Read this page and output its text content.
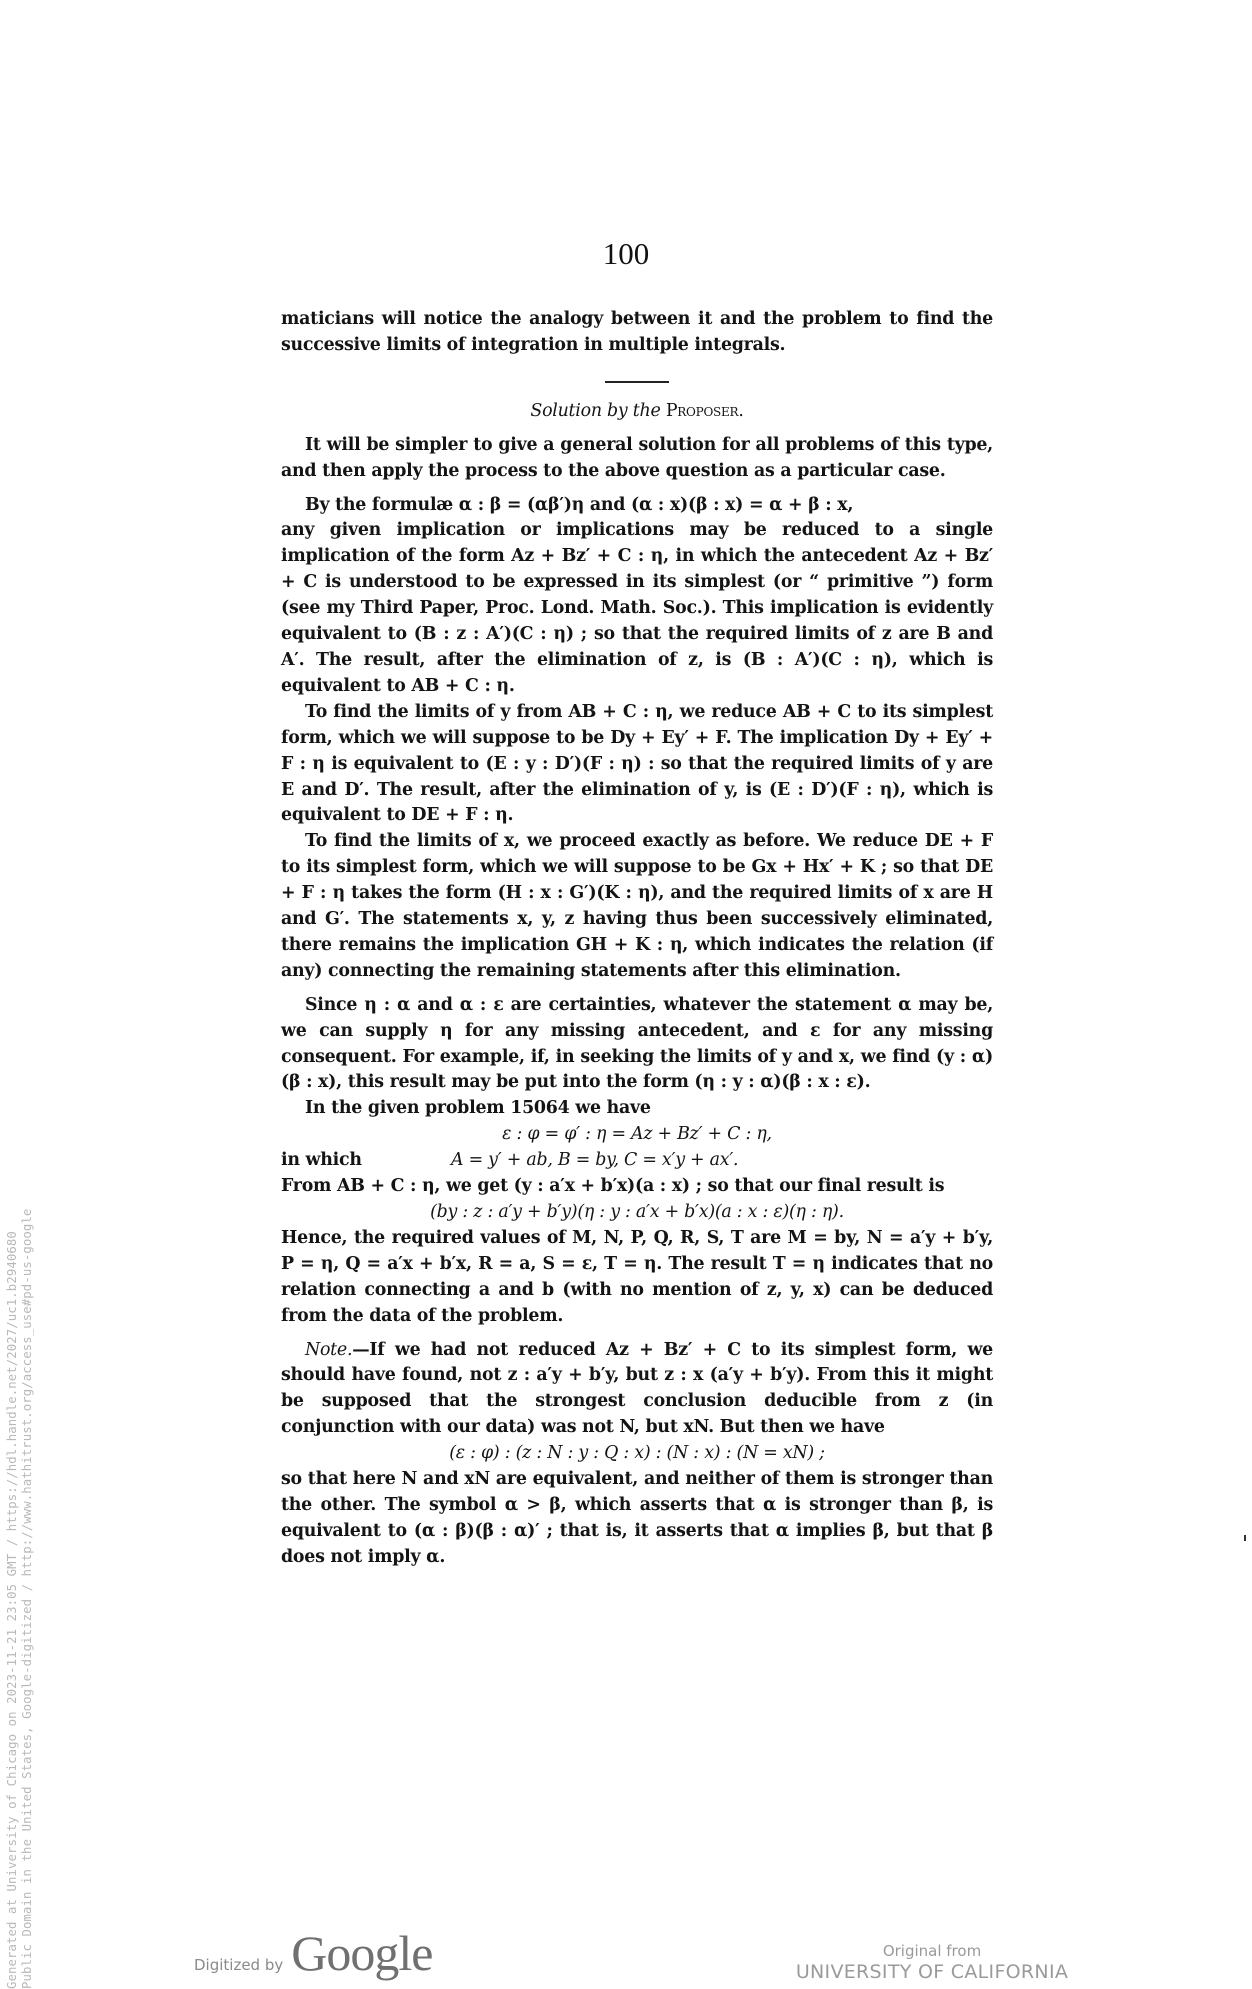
100

maticians will notice the analogy between it and the problem to find the successive limits of integration in multiple integrals.

Solution by the Proposer.

It will be simpler to give a general solution for all problems of this type, and then apply the process to the above question as a particular case.

By the formulæ α : β = (αβ′)η and (α : x)(β : x) = α + β : x,

any given implication or implications may be reduced to a single implication of the form Az + Bz′ + C : η, in which the antecedent Az + Bz′ + C is understood to be expressed in its simplest (or “ primitive ”) form (see my Third Paper, Proc. Lond. Math. Soc.). This implication is evidently equivalent to (B : z : A′)(C : η) ; so that the required limits of z are B and A′. The result, after the elimination of z, is (B : A′)(C : η), which is equivalent to AB + C : η.

To find the limits of y from AB + C : η, we reduce AB + C to its simplest form, which we will suppose to be Dy + Ey′ + F. The implication Dy + Ey′ + F : η is equivalent to (E : y : D′)(F : η) : so that the required limits of y are E and D′. The result, after the elimination of y, is (E : D′)(F : η), which is equivalent to DE + F : η.

To find the limits of x, we proceed exactly as before. We reduce DE + F to its simplest form, which we will suppose to be Gx + Hx′ + K ; so that DE + F : η takes the form (H : x : G′)(K : η), and the required limits of x are H and G′. The statements x, y, z having thus been successively eliminated, there remains the implication GH + K : η, which indicates the relation (if any) connecting the remaining statements after this elimination.

Since η : α and α : ε are certainties, whatever the statement α may be, we can supply η for any missing antecedent, and ε for any missing consequent. For example, if, in seeking the limits of y and x, we find (y : α)(β : x), this result may be put into the form (η : y : α)(β : x : ε).

In the given problem 15064 we have

ε : φ = φ′ : η = Az + Bz′ + C : η,

in which	A = y′ + ab, B = by, C = x′y + ax′.

From AB + C : η, we get (y : a′x + b′x)(a : x) ; so that our final result is

(by : z : a′y + b′y)(η : y : a′x + b′x)(a : x : ε)(η : η).

Hence, the required values of M, N, P, Q, R, S, T are M = by, N = a′y + b′y, P = η, Q = a′x + b′x, R = a, S = ε, T = η. The result T = η indicates that no relation connecting a and b (with no mention of z, y, x) can be deduced from the data of the problem.

Note.—If we had not reduced Az + Bz′ + C to its simplest form, we should have found, not z : a′y + b′y, but z : x (a′y + b′y). From this it might be supposed that the strongest conclusion deducible from z (in conjunction with our data) was not N, but xN. But then we have

(ε : φ) : (z : N : y : Q : x) : (N : x) : (N = xN) ;

so that here N and xN are equivalent, and neither of them is stronger than the other. The symbol α > β, which asserts that α is stronger than β, is equivalent to (α : β)(β : α)′ ; that is, it asserts that α implies β, but that β does not imply α.

Generated at University of Chicago on 2023-11-21 23:05 GMT / https://hdl.handle.net/2027/uc1.b2940680 Public Domain in the United States, Google-digitized / http://www.hathitrust.org/access_use#pd-us-google	Digitized by Google	Original from
UNIVERSITY OF CALIFORNIA
